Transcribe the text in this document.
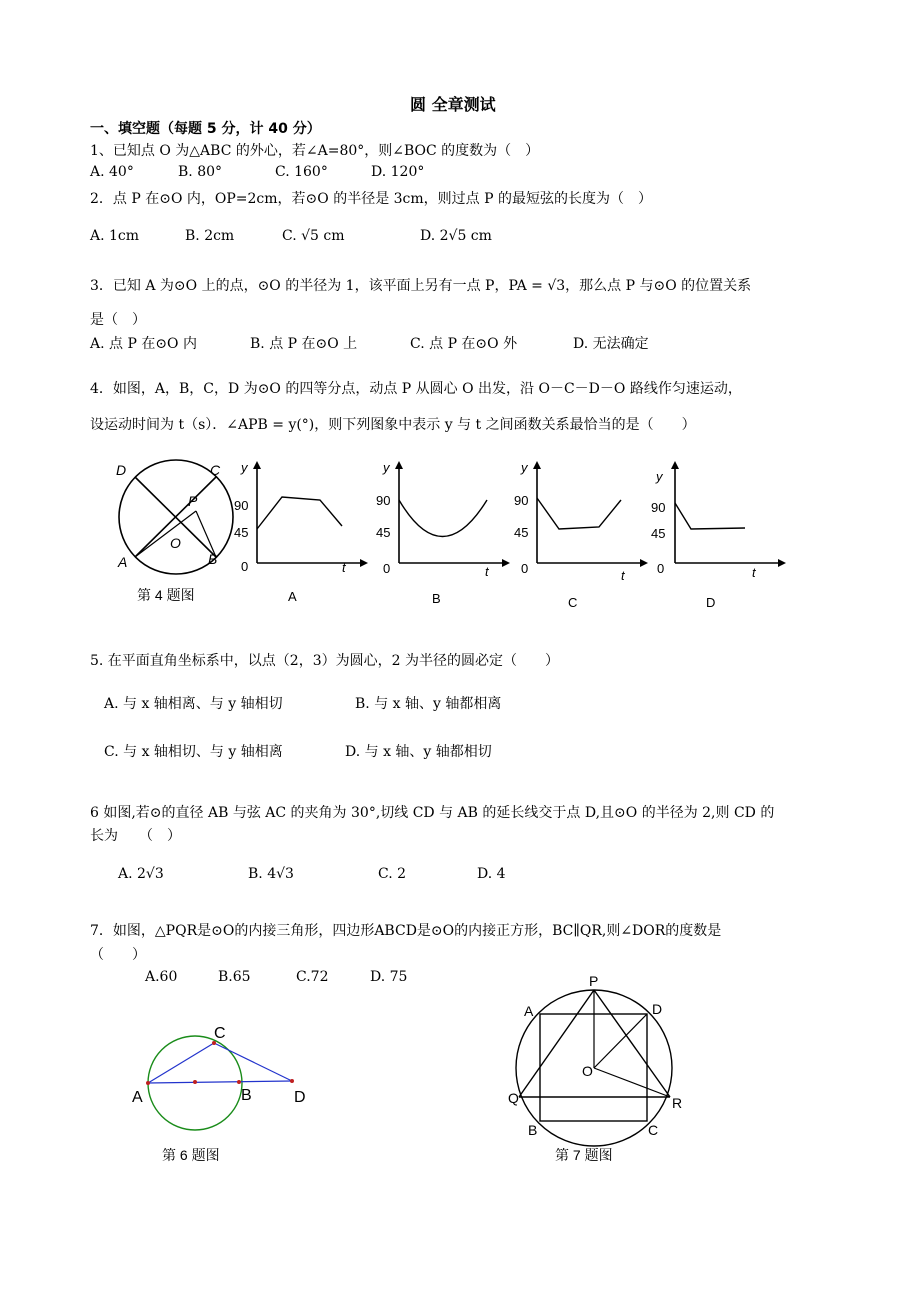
圆 全章测试
一、填空题（每题 5 分，计 40 分）
1、已知点 O 为△ABC 的外心，若∠A=80°，则∠BOC 的度数为（　）
A. 40°	B. 80°	C. 160°	D. 120°
2．点 P 在⊙O 内，OP=2cm，若⊙O 的半径是 3cm，则过点 P 的最短弦的长度为（　）
A. 1cm	B. 2cm	C. √5 cm	D. 2√5 cm
3．已知 A 为⊙O 上的点，⊙O 的半径为 1，该平面上另有一点 P，PA = √3，那么点 P 与⊙O 的位置关系
是（　）
A. 点 P 在⊙O 内	B. 点 P 在⊙O 上	C. 点 P 在⊙O 外	D. 无法确定
4．如图，A，B，C，D 为⊙O 的四等分点，动点 P 从圆心 O 出发，沿 O－C－D－O 路线作匀速运动，
设运动时间为 t（s）．∠APB = y(°)，则下列图象中表示 y 与 t 之间函数关系最恰当的是（　　）
D	C
P
O
A	B
y
90
45
0	t
A
y
90
45
0	t
B
y
90
45
0	t
C
y
90
45
0	t
D
第 4 题图
5. 在平面直角坐标系中，以点（2，3）为圆心，2 为半径的圆必定（　　）
A. 与 x 轴相离、与 y 轴相切	B. 与 x 轴、y 轴都相离
C. 与 x 轴相切、与 y 轴相离	D. 与 x 轴、y 轴都相切
6 如图,若⊙的直径 AB 与弦 AC 的夹角为 30°,切线 CD 与 AB 的延长线交于点 D,且⊙O 的半径为 2,则 CD 的
长为　　（　）
A. 2√3	B. 4√3	C. 2	D. 4
7．如图，△PQR是⊙O的内接三角形，四边形ABCD是⊙O的内接正方形，BC∥QR,则∠DOR的度数是
（　　）
A.60	B.65	C.72	D. 75
C
A	B	D
第 6 题图
P
A	D
O
Q	R
B	C
第 7 题图
